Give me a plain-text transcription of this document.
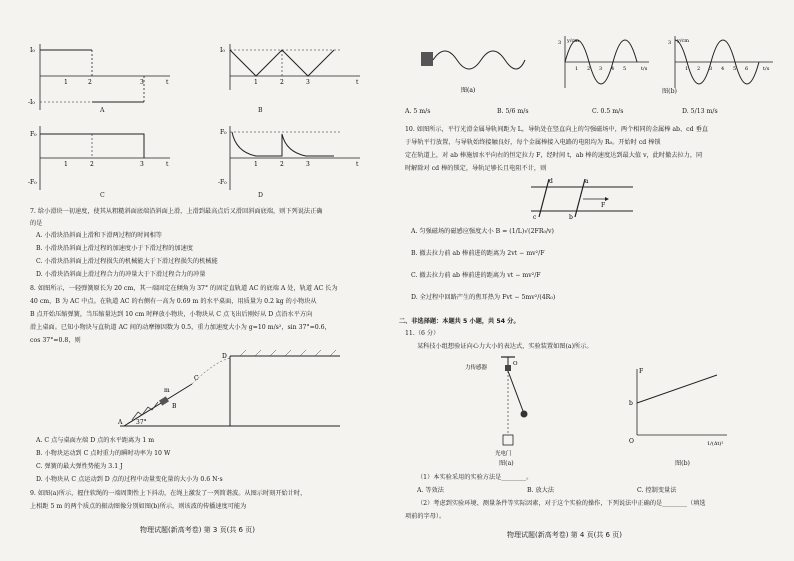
I₀
-I₀
1	2	3	t
A
I₀
1	2	3	t
B
F₀
-F₀
1	2	3	t
C
F₀
-F₀
1	2	3	t
D
7. 给小滑块一初速度，使其从粗糙斜面底端沿斜面上滑，上滑到最高点后又滑回斜面底端，则下列说法正确
的是
A. 小滑块沿斜面上滑和下滑两过程的时间相等
B. 小滑块沿斜面上滑过程的加速度小于下滑过程的加速度
C. 小滑块沿斜面上滑过程损失的机械能大于下滑过程损失的机械能
D. 小滑块沿斜面上滑过程合力的冲量大于下滑过程合力的冲量
8. 如图所示，一轻弹簧原长为 20 cm，其一端固定在倾角为 37° 的固定直轨道 AC 的底端 A 处，轨道 AC 长为
40 cm，B 为 AC 中点。在轨道 AC 的右侧有一高为 0.69 m 的水平桌面，用质量为 0.2 kg 的小物块从
B 点开始压缩弹簧，当压缩量达到 10 cm 时释放小物块，小物块从 C 点飞出后刚好从 D 点沿水平方向
滑上桌面。已知小物块与直轨道 AC 间的动摩擦因数为 0.5，重力加速度大小为 g=10 m/s²，sin 37°=0.6，
cos 37°=0.8，则
D
C
m
B
A 37°
A. C 点与桌面左端 D 点的水平距离为 1 m
B. 小物块运动到 C 点时重力的瞬时功率为 10 W
C. 弹簧的最大弹性势能为 3.1 J
D. 小物块从 C 点运动到 D 点的过程中动量变化量的大小为 0.6 N·s
9. 如图(a)所示，握住软绳的一端周期性上下抖动，在绳上激发了一列简谐波。从图示时刻开始计时，
上相距 5 m 的两个质点的振动图像分别如图(b)所示，则该波的传播速度可能为
物理试题(新高考卷) 第 3 页(共 6 页)
图(a)
y/cm
3
1 2 3 4 5	t/s
y/cm
3
1 2 3 4 5 6	t/s
图(b)
A. 5 m/s	B. 5/6 m/s	C. 0.5 m/s	D. 5/13 m/s
10. 如图所示，平行光滑金属导轨间距为 L，导轨处在竖直向上的匀强磁场中，两个相同的金属棒 ab、cd 垂直
于导轨平行放置，与导轨始终接触良好，每个金属棒接入电路的电阻均为 R₀。开始时 cd 棒锁
定在轨道上，对 ab 棒施加水平向右的恒定拉力 F，经时间 t，ab 棒的速度达到最大值 v，此时撤去拉力，同
时解除对 cd 棒的锁定，导轨足够长且电阻不计，则
d
c
a
b
F
A. 匀强磁场的磁感应强度大小 B = (1/L)√(2FR₀/v)
B. 撤去拉力前 ab 棒前进的距离为 2vt − mv²/F
C. 撤去拉力前 ab 棒前进的距离为 vt − mv²/F
D. 全过程中回路产生的焦耳热为 Fvt − 5mv²/(4R₀)
二、非选择题：本题共 5 小题，共 54 分。
11.（6 分）
某科技小组想验证向心力大小的表达式，实验装置如图(a)所示。
力传感器
O
光电门
图(a)
F
b
O	1/(Δt)²
图(b)
（1）本实验采用的实验方法是________。
A. 等效法	B. 放大法	C. 控制变量法
（2）考虑到实验环境、测量条件等实际因素，对于这个实验的操作，下列说法中正确的是________（填选
项前的字母）。
物理试题(新高考卷) 第 4 页(共 6 页)
